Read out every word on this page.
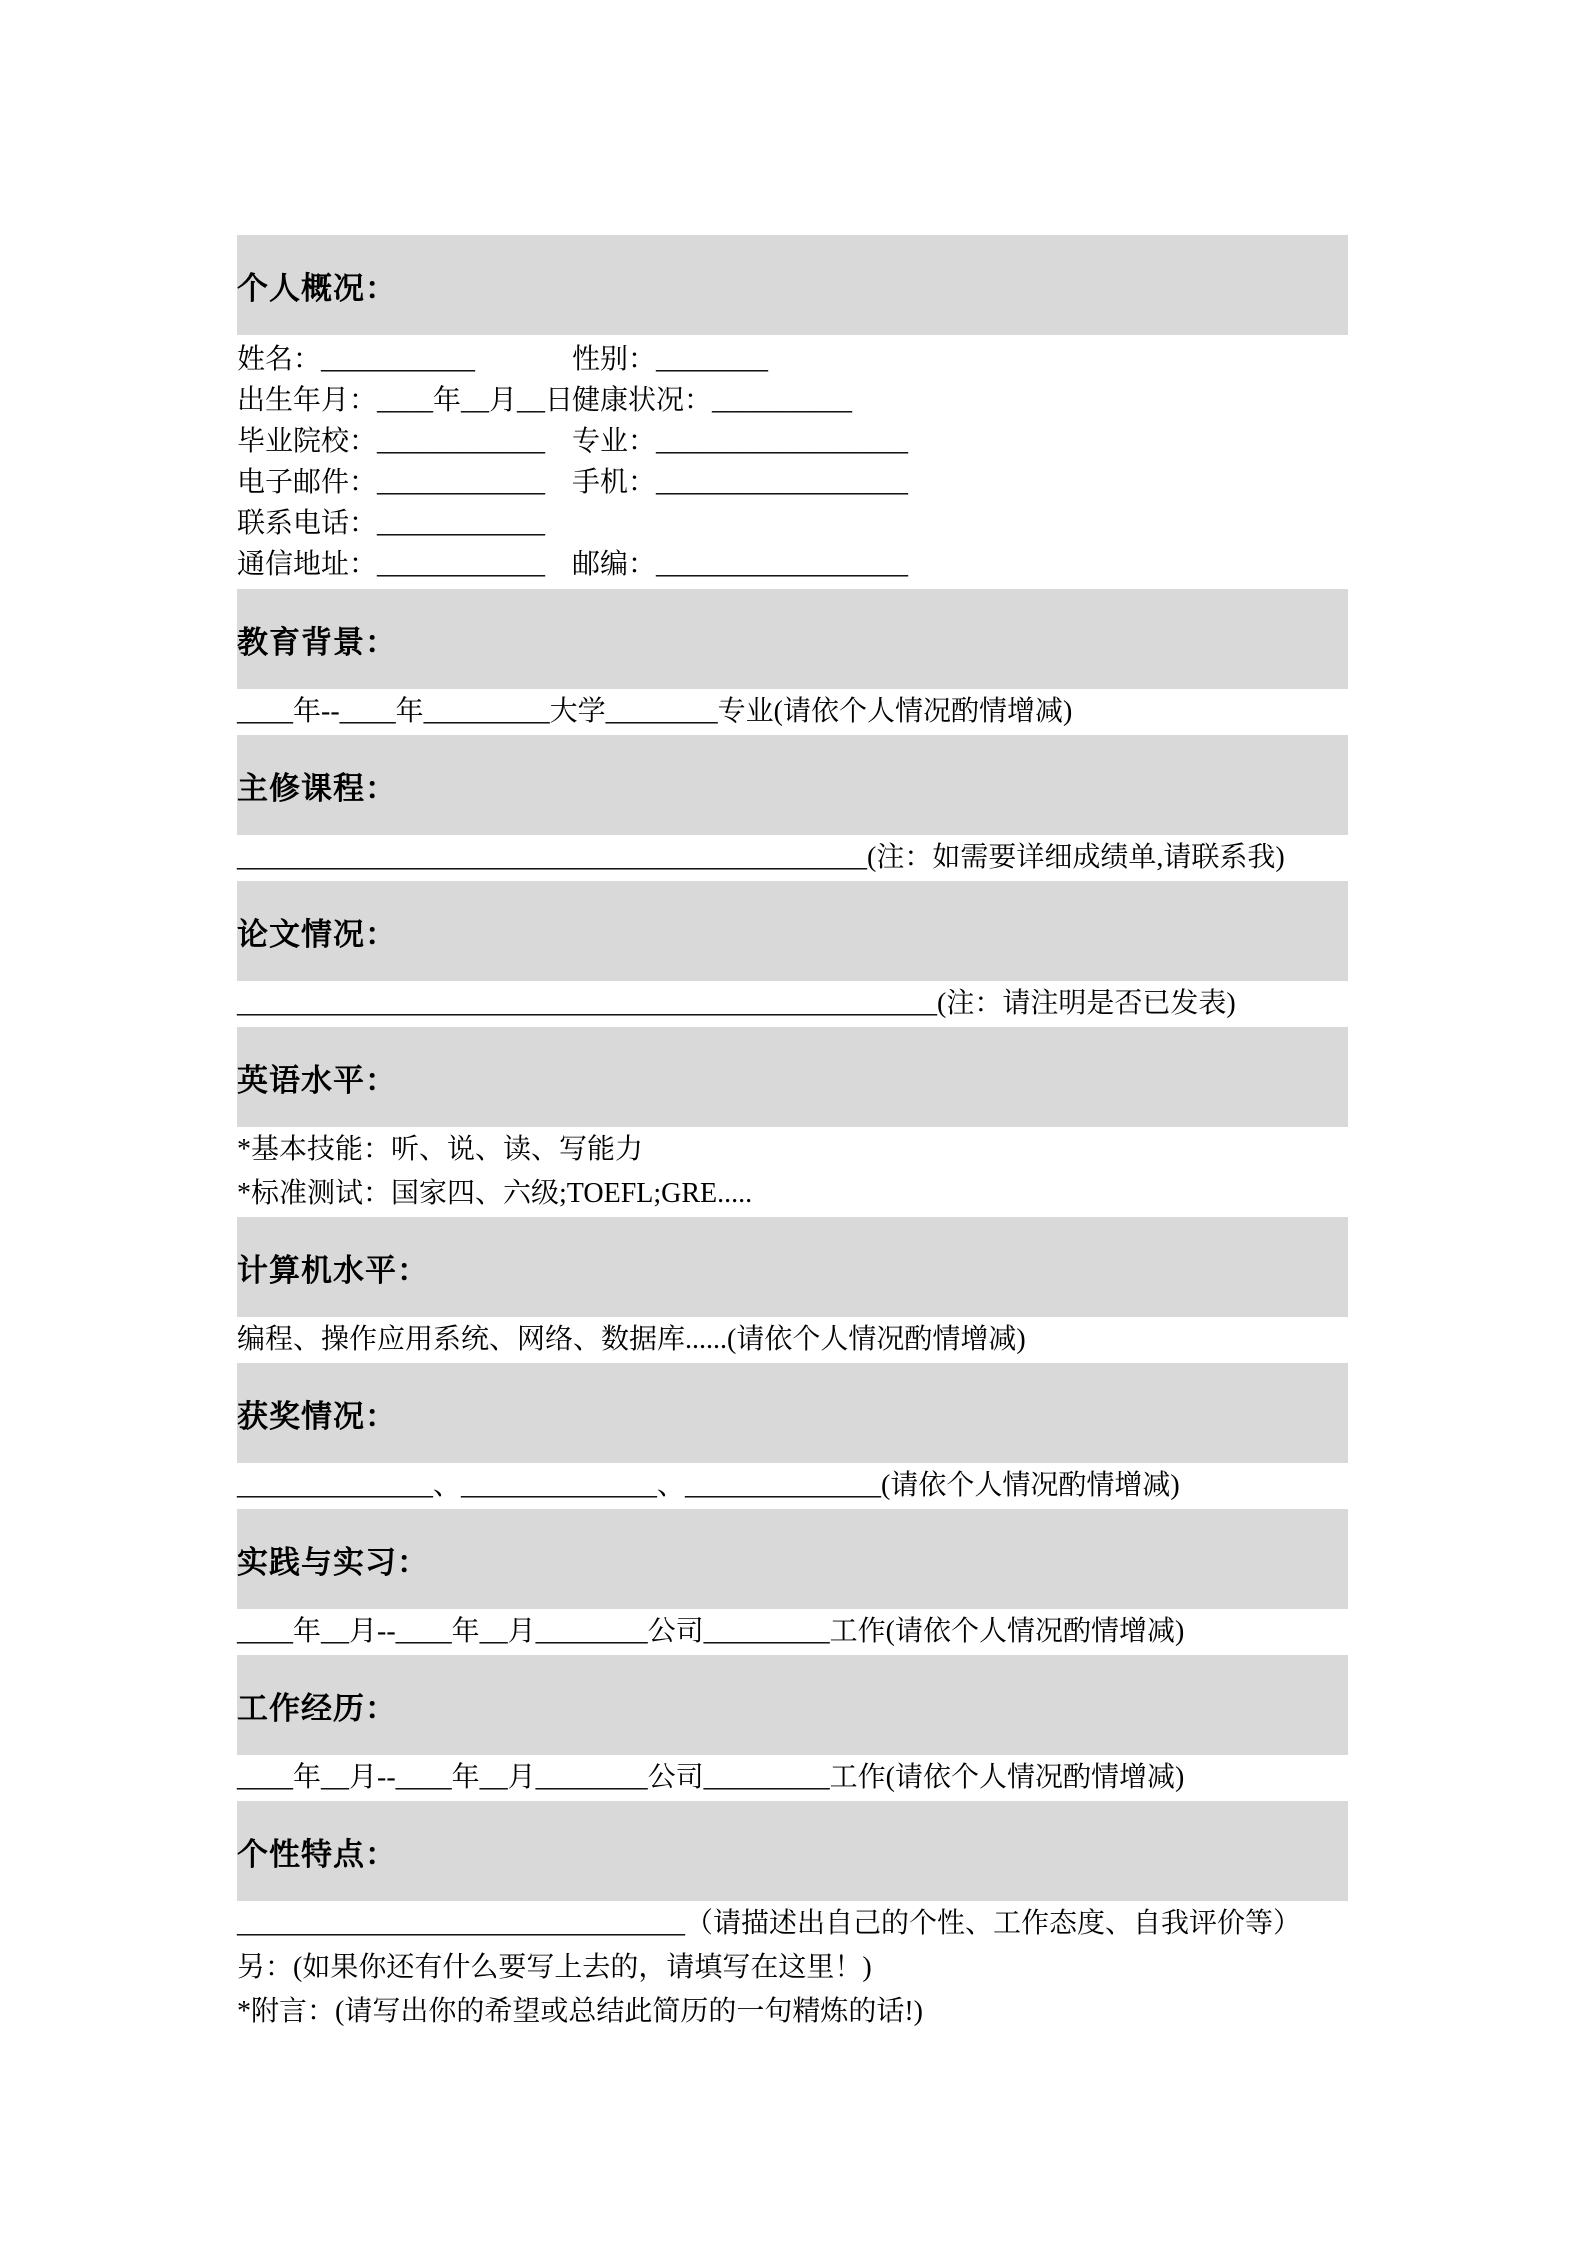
个人概况：
姓名：___________	性别：________
出生年月：____年__月__日
健康状况：__________
毕业院校：____________ 专业：__________________
电子邮件：____________ 手机：__________________
联系电话：____________
通信地址：____________ 邮编：__________________
教育背景：
____年--____年_________大学________专业(请依个人情况酌情增减)
主修课程：
_____________________________________________(注：如需要详细成绩单,请联系我)
论文情况：
__________________________________________________(注：请注明是否已发表)
英语水平：
*基本技能：听、说、读、写能力
*标准测试：国家四、六级;TOEFL;GRE.....
计算机水平：
编程、操作应用系统、网络、数据库......(请依个人情况酌情增减)
获奖情况：
______________、______________、______________(请依个人情况酌情增减)
实践与实习：
____年__月--____年__月________公司_________工作(请依个人情况酌情增减)
工作经历：
____年__月--____年__月________公司_________工作(请依个人情况酌情增减)
个性特点：
________________________________（请描述出自己的个性、工作态度、自我评价等）
另：(如果你还有什么要写上去的，请填写在这里！)
*附言：(请写出你的希望或总结此简历的一句精炼的话!)
